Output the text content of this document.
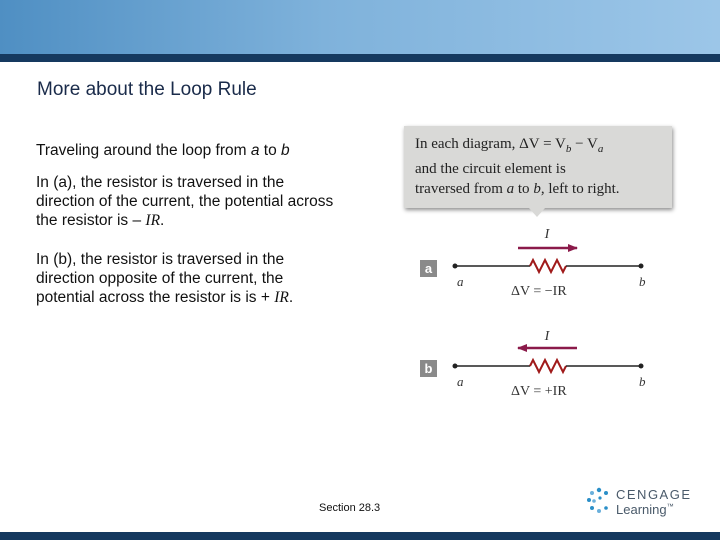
More about the Loop Rule
Traveling around the loop from a to b
In (a), the resistor is traversed in the direction of the current, the potential across the resistor is – IR.
In (b), the resistor is traversed in the direction opposite of the current, the potential across the resistor is is + IR.
In each diagram, $\Delta V = V_b - V_a$
and the circuit element is
traversed from a to b, left to right.
a
I
a	b
ΔV = −IR
b
I
a	b
ΔV = +IR
Section 28.3
CENGAGE
Learning™
